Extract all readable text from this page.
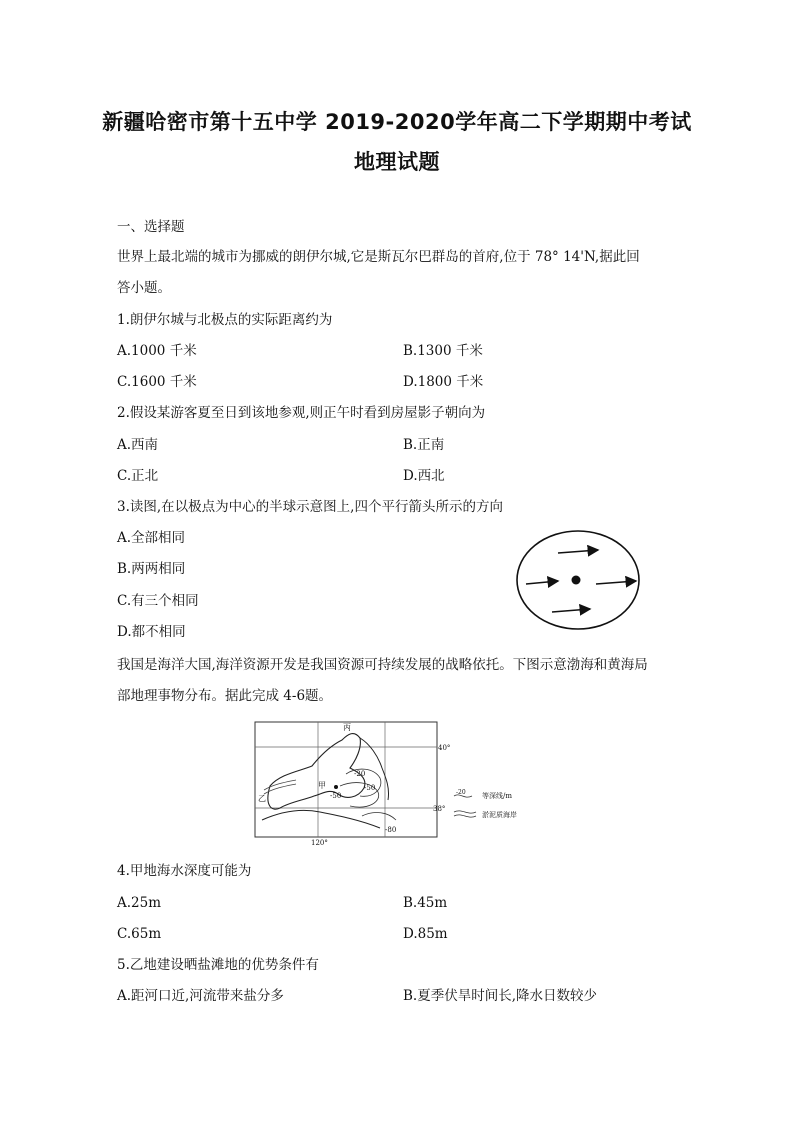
新疆哈密市第十五中学 2019-2020学年高二下学期期中考试
地理试题
一、选择题
世界上最北端的城市为挪威的朗伊尔城,它是斯瓦尔巴群岛的首府,位于 78° 14'N,据此回
答小题。
1.朗伊尔城与北极点的实际距离约为
A.1000 千米	B.1300 千米
C.1600 千米	D.1800 千米
2.假设某游客夏至日到该地参观,则正午时看到房屋影子朝向为
A.西南	B.正南
C.正北	D.西北
3.读图,在以极点为中心的半球示意图上,四个平行箭头所示的方向
A.全部相同
B.两两相同
C.有三个相同
D.都不相同
我国是海洋大国,海洋资源开发是我国资源可持续发展的战略依托。下图示意渤海和黄海局
部地理事物分布。据此完成 4-6题。
丙
甲
乙
40°
38°
120°
-20
-50
-50
-80
-20 等深线/m
淤泥质海岸
4.甲地海水深度可能为
A.25m	B.45m
C.65m	D.85m
5.乙地建设晒盐滩地的优势条件有
A.距河口近,河流带来盐分多	B.夏季伏旱时间长,降水日数较少
